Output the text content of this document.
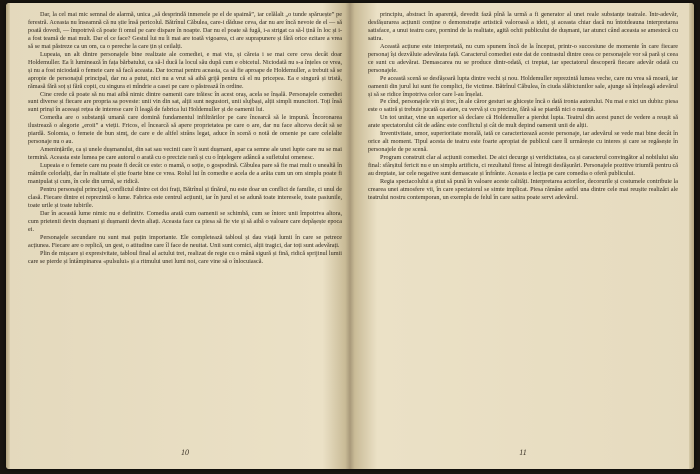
Dar, la cel mai mic semnal de alarmă, unica „să desprindă inmenele pe el de spaimă”, iar celălalt „o tunde spăruește” pe ferestră. Aceasta nu înseamnă că nu știe însă pericolul. Bătrînul Căbulea, care-i dăduse ceva, dar nu are încă nevoie de el — să poată dovedi, — împotrivă că poate fi omul pe care dispare în noapte. Dar nu el poate să fugă, i-a strigat ca să-l țină în loc și i-a fost teamă de mai mult. Dar el ce face? Gestul lui nu îi mai are toată vigoarea, ci are suprapunere și fără orice ezitare a vrea să se mai păstreze ca un om, ca o pereche la care țin și ceilalți.

Lupeaia, un alt dintre personajele bine realizate ale comediei, e mai viu, și căreia i se mai cere ceva decât doar Holdemuller. Ea îi luminează în fața bărbatului, ca să-l ducă la locul său după cum e obiceiul. Niciodată nu s-a înțeles ce vrea, și nu a fost niciodată o femeie care să facă aceasta. Dar tocmai pentru aceasta, ca să fie aproape de Holdemuller, a trebuit să se apropie de personajul principal, dar nu a putut, nici nu a vrut să aibă grijă pentru că el nu pricepea. Ea e singură și tristă, rămasă fără soț și fără copii, cu singura ei mîndrie a casei pe care o păstrează în ordine.

Cine crede că poate să nu mai aibă nimic dintre oamenii care trăiesc în acest oraș, acela se înșală. Personajele comediei sunt diverse și fiecare are propria sa poveste: unii vin din sat, alții sunt negustori, unii slujbași, alții simpli muncitori. Toți însă sunt prinși în aceeași rețea de interese care îi leagă de fabrica lui Holdemuller și de oamenii lui.

Comedia are o substanță umană care domină fundamentul infiltrărilor pe care încearcă să le impună. Încoronarea ilustrează o alegorie „eroii” a vieții. Fricos, el încearcă să apere proprietatea pe care o are, dar nu face altceva decât să se piardă. Solomia, o femeie de bun simț, de care e de altfel strâns legat, aduce în scenă o notă de omenie pe care celelalte personaje nu o au.

Amenințările, ca și unele dușmanului, din sat sau vecinii care îi sunt dușmani, apar ca semne ale unei lupte care nu se mai termină. Aceasta este lumea pe care autorul o arată cu o precizie rară și cu o înțelegere adâncă a sufletului omenesc.

Lupeaia e o femeie care nu poate fi decât ce este: o mamă, o soție, o gospodină. Căbulea pare să fie mai mult o unealtă în mâinile celorlalți, dar în realitate el știe foarte bine ce vrea. Rolul lui în comedie e acela de a arăta cum un om simplu poate fi manipulat și cum, în cele din urmă, se ridică.

Pentru personajul principal, conflictul dintre cei doi frați, Bătrînul și tînărul, nu este doar un conflict de familie, ci unul de clasă. Fiecare dintre ei reprezintă o lume. Fabrica este centrul acțiunii, iar în jurul ei se adună toate interesele, toate pasiunile, toate urile și toate iubirile.

Dar în această lume nimic nu e definitiv. Comedia arată cum oamenii se schimbă, cum se întorc unii împotriva altora, cum prietenii devin dușmani și dușmanii devin aliați. Aceasta face ca piesa să fie vie și să aibă o valoare care depășește epoca ei.

Personajele secundare nu sunt mai puțin importante. Ele completează tabloul și dau viață lumii în care se petrece acțiunea. Fiecare are o replică, un gest, o atitudine care îl face de neuitat. Unii sunt comici, alții tragici, dar toți sunt adevărați.

Plin de mișcare și expresivitate, tabloul final al actului trei, realizat de regie cu o mână sigură și fină, ridică sprijinul lumii care se pierde și întâmpinarea «pulsului» și a ritmului unei lumi noi, care vine să o înlocuiască.

10

principiu, abstract în aparență, devedit fază pînă la urmă a fi generator al unei reale substanțe teatrale. Într-adevăr, desfășurarea acțiunii conține o demonstrație artistică valoroasă a ideii, și aceasta chiar dacă nu întotdeauna interpretarea satisface, a unui teatru care, pornind de la realitate, agită ochii publicului de dușmani, iar atunci când aceasta se amestecă cu satira.

Această acțiune este interpretată, nu cum spunem încă de la început, printr-o succesiune de momente în care fiecare personaj își dezvăluie adevărata față. Caracterul comediei este dat de contrastul dintre ceea ce personajele vor să pară și ceea ce sunt cu adevărat. Demascarea nu se produce dintr-odată, ci treptat, iar spectatorul descoperă fiecare adevăr odată cu personajele.

Pe această scenă se desfășoară lupta dintre vechi și nou. Holdemuller reprezintă lumea veche, care nu vrea să moară, iar oamenii din jurul lui sunt fie complici, fie victime. Bătrînul Căbulea, în ciuda slăbiciunilor sale, ajunge să înțeleagă adevărul și să se ridice împotriva celor care l-au înșelat.

Pe cînd, personajele vin și trec, în ale căror gesturi se ghicește încă o dată ironia autorului. Nu mai e nici un dubiu: piesa este o satiră și trebuie jucată ca atare, cu vervă și cu precizie, fără să se piardă nici o nuanță.

Un tot unitar, vine un superior să declare că Holdemuller a pierdut lupta. Teatrul din acest punct de vedere a reușit să arate spectatorului cât de adânc este conflictul și cât de mult depind oamenii unii de alții.

Inventivitate, umor, superioritate morală, iată ce caracterizează aceste personaje, iar adevărul se vede mai bine decât în orice alt moment. Tipul acesta de teatru este foarte apropiat de publicul care îl urmărește cu interes și care se regăsește în personajele de pe scenă.

Program construit clar al acțiunii comediei. De aici decurge și veridicitatea, ca și caracterul convingător al nobilului său final: sfârșitul fericit nu e un simplu artificiu, ci rezultatul firesc al întregii desfășurări. Personajele pozitive triumfă pentru că au dreptate, iar cele negative sunt demascate și înfrânte. Aceasta e lecția pe care comedia o oferă publicului.

Regia spectacolului a știut să pună în valoare aceste calități. Interpretarea actorilor, decorurile și costumele contribuie la crearea unei atmosfere vii, în care spectatorul se simte implicat. Piesa rămâne astfel una dintre cele mai reușite realizări ale teatrului nostru contemporan, un exemplu de felul în care satira poate servi adevărul.

11
